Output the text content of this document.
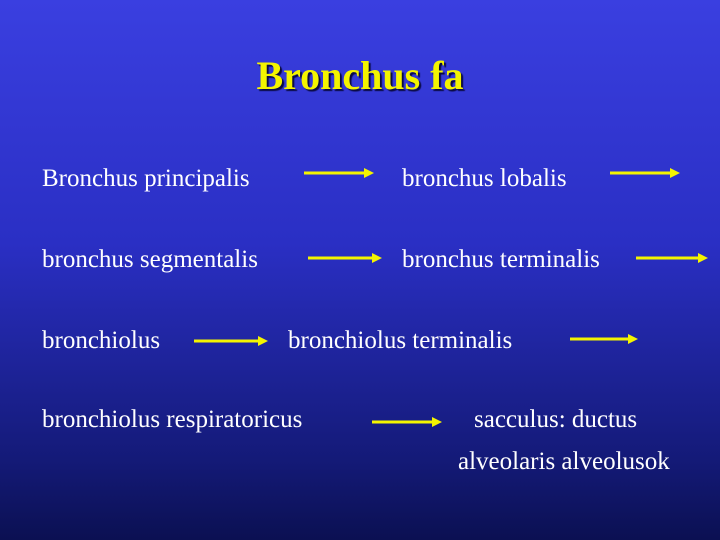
Bronchus fa
Bronchus principalis	bronchus lobalis
bronchus segmentalis	bronchus terminalis
bronchiolus	bronchiolus terminalis
bronchiolus respiratoricus	sacculus: ductus
alveolaris alveolusok
